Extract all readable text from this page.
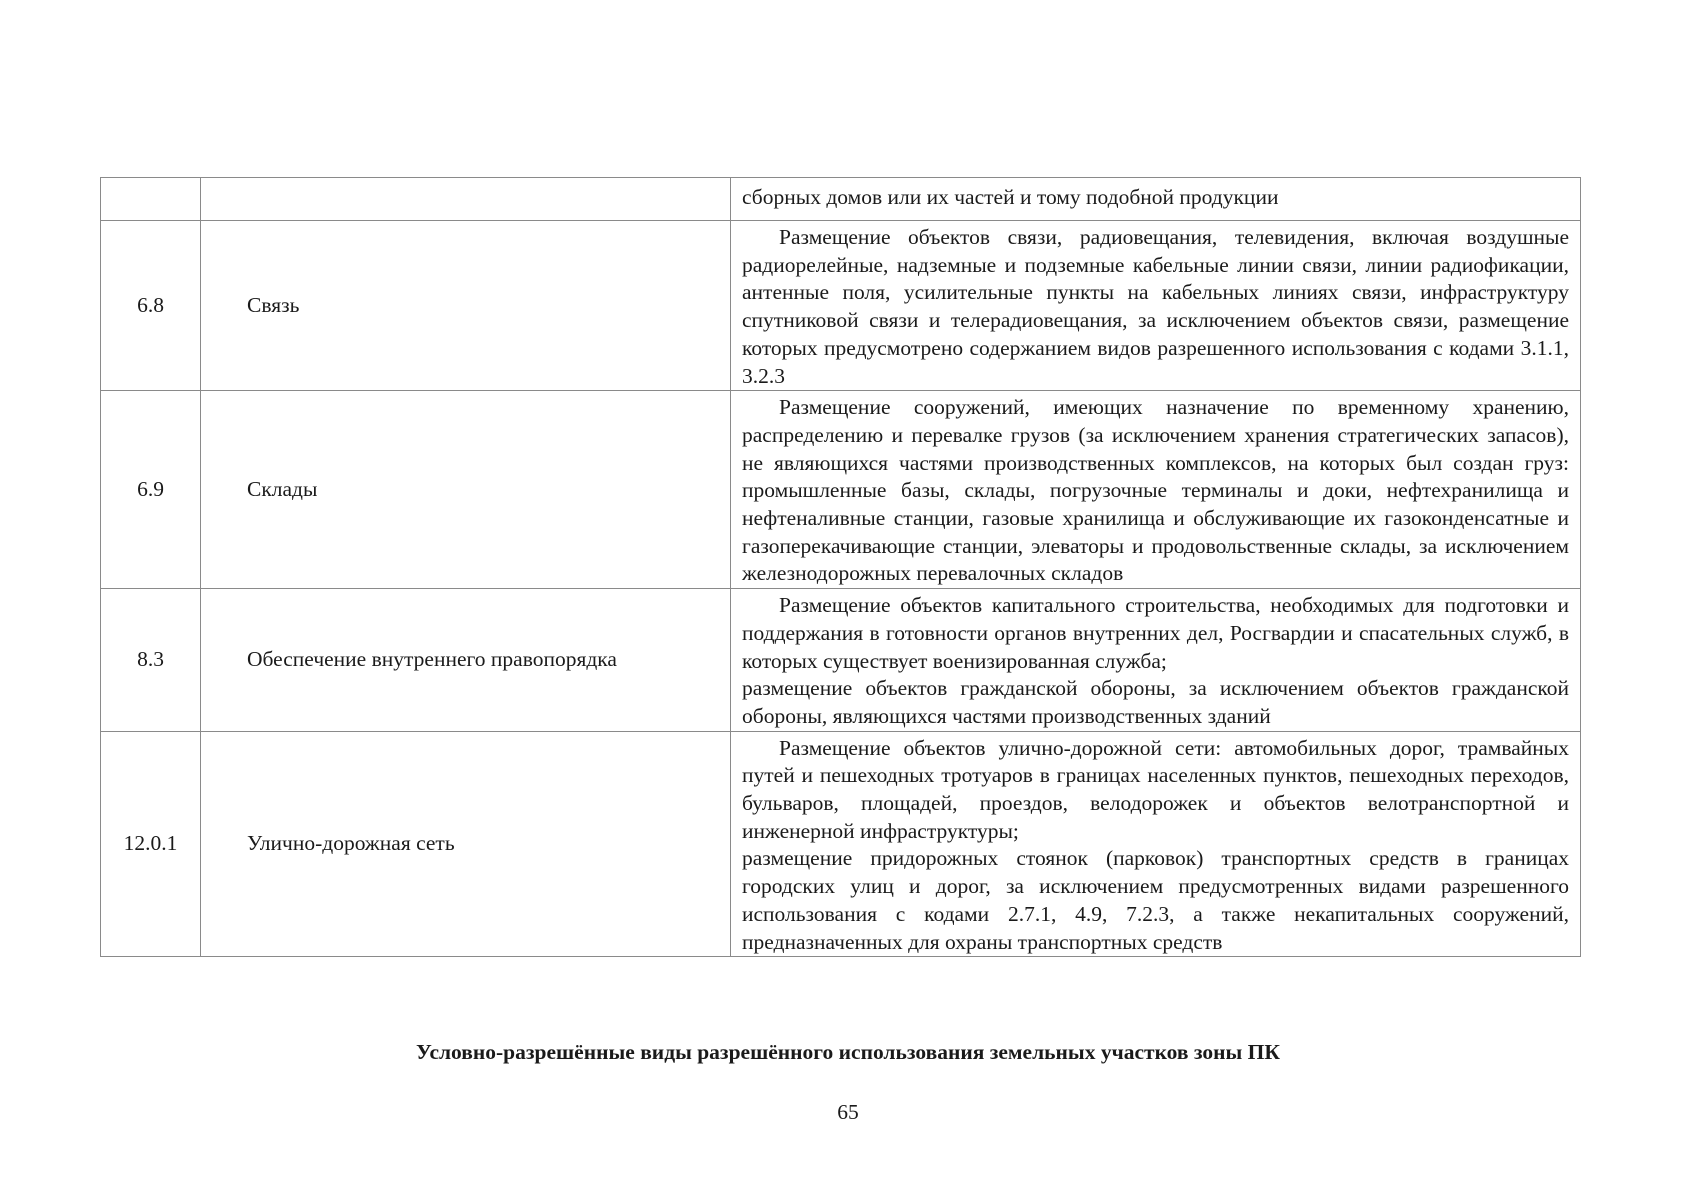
		сборных домов или их частей и тому подобной продукции

6.8	Связь	Размещение объектов связи, радиовещания, телевидения, включая воздушные радиорелейные, надземные и подземные кабельные линии связи, линии радиофикации, антенные поля, усилительные пункты на кабельных линиях связи, инфраструктуру спутниковой связи и телерадиовещания, за исключением объектов связи, размещение которых предусмотрено содержанием видов разрешенного использования с кодами 3.1.1, 3.2.3

6.9	Склады	Размещение сооружений, имеющих назначение по временному хранению, распределению и перевалке грузов (за исключением хранения стратегических запасов), не являющихся частями производственных комплексов, на которых был создан груз: промышленные базы, склады, погрузочные терминалы и доки, нефтехранилища и нефтеналивные станции, газовые хранилища и обслуживающие их газоконденсатные и газоперекачивающие станции, элеваторы и продовольственные склады, за исключением железнодорожных перевалочных складов

8.3	Обеспечение внутреннего правопорядка	Размещение объектов капитального строительства, необходимых для подготовки и поддержания в готовности органов внутренних дел, Росгвардии и спасательных служб, в которых существует военизированная служба;

размещение объектов гражданской обороны, за исключением объектов гражданской обороны, являющихся частями производственных зданий

12.0.1	Улично-дорожная сеть	Размещение объектов улично-дорожной сети: автомобильных дорог, трамвайных путей и пешеходных тротуаров в границах населенных пунктов, пешеходных переходов, бульваров, площадей, проездов, велодорожек и объектов велотранспортной и инженерной инфраструктуры;

размещение придорожных стоянок (парковок) транспортных средств в границах городских улиц и дорог, за исключением предусмотренных видами разрешенного использования с кодами 2.7.1, 4.9, 7.2.3, а также некапитальных сооружений, предназначенных для охраны транспортных средств

Условно-разрешённые виды разрешённого использования земельных участков зоны ПК
65
